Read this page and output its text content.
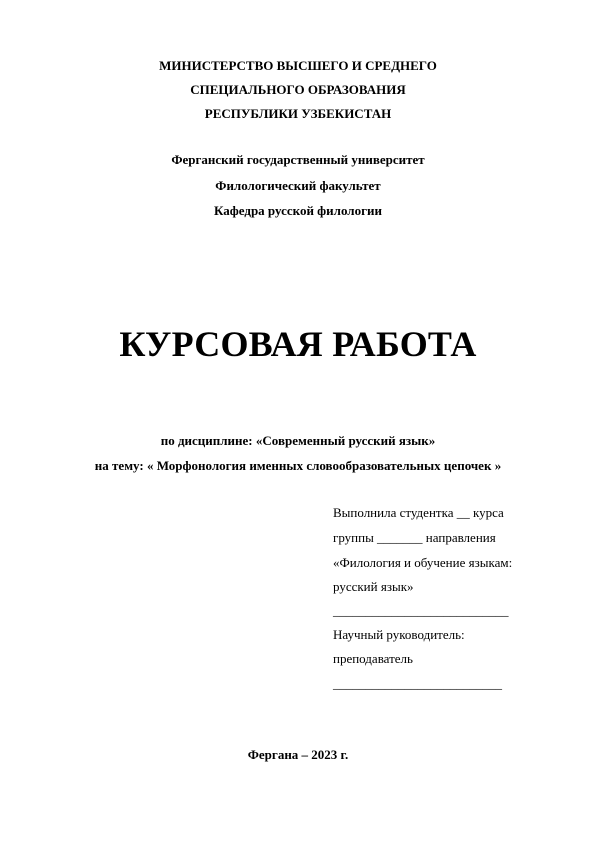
МИНИСТЕРСТВО ВЫСШЕГО И СРЕДНЕГО
СПЕЦИАЛЬНОГО ОБРАЗОВАНИЯ
РЕСПУБЛИКИ УЗБЕКИСТАН
Ферганский государственный университет
Филологический факультет
Кафедра русской филологии
КУРСОВАЯ РАБОТА
по дисциплине: «Современный русский язык»
на тему: « Морфонология именных словообразовательных цепочек »
Выполнила студентка __ курса
группы _______ направления
«Филология и обучение языкам:
русский язык»
___________________________
Научный руководитель:
преподаватель
__________________________
Фергана – 2023 г.
